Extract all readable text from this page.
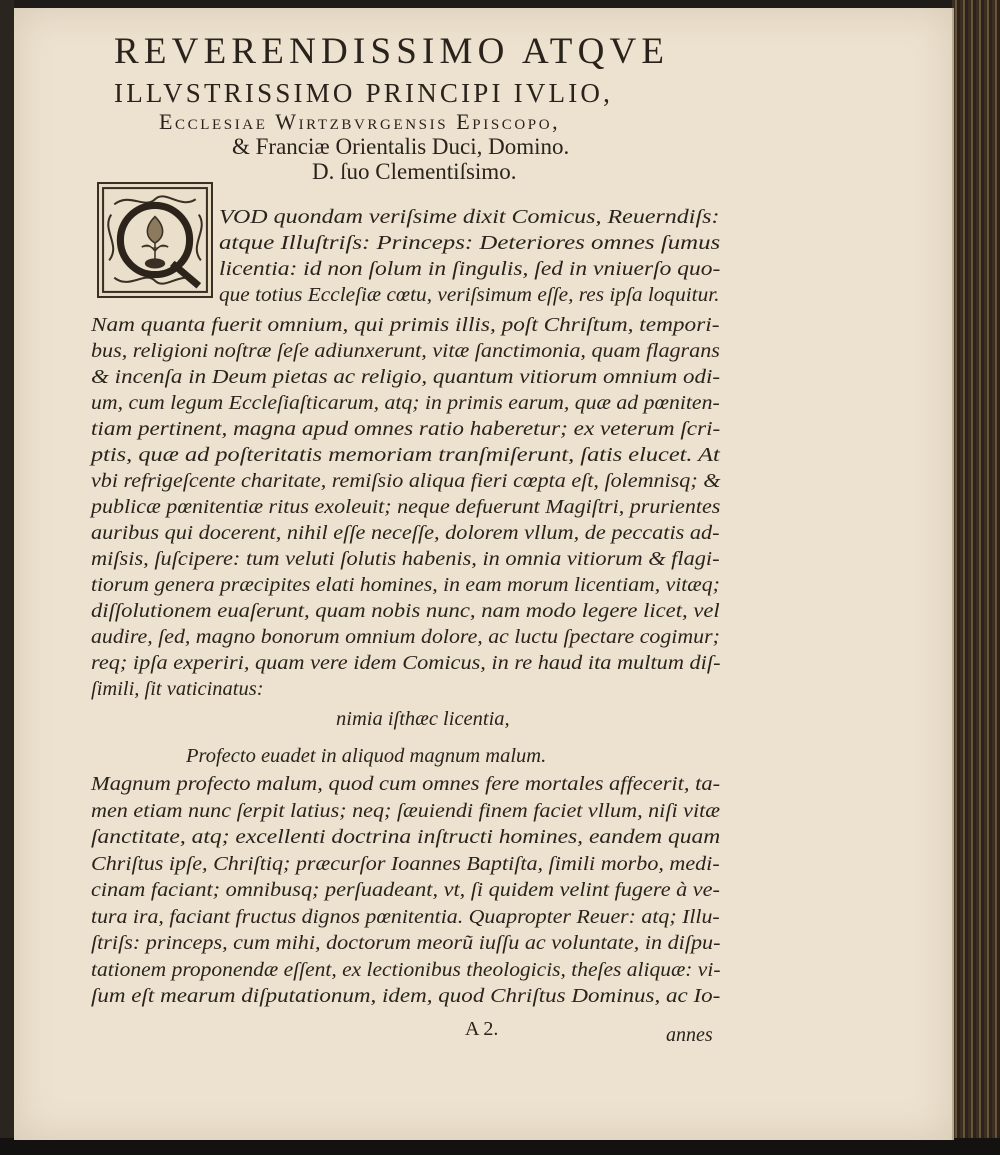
REVERENDISSIMO ATQVE
ILLVSTRISSIMO PRINCIPI IVLIO,
Ecclesiae Wirtzbvrgensis Episcopo,
& Franciæ Orientalis Duci, Domino.
D. ſuo Clementiſsimo.
VOD quondam veriſsime dixit Comicus, Reuerndiſs:
atque Illuſtriſs: Princeps: Deteriores omnes ſumus
licentia: id non ſolum in ſingulis, ſed in vniuerſo quo-
que totius Eccleſiæ cœtu, veriſsimum eſſe, res ipſa loquitur.
Nam quanta fuerit omnium, qui primis illis, poſt Chriſtum, tempori-
bus, religioni noſtræ ſeſe adiunxerunt, vitæ ſanctimonia, quam flagrans
& incenſa in Deum pietas ac religio, quantum vitiorum omnium odi-
um, cum legum Eccleſiaſticarum, atq; in primis earum, quæ ad pœniten-
tiam pertinent, magna apud omnes ratio haberetur; ex veterum ſcri-
ptis, quæ ad poſteritatis memoriam tranſmiſerunt, ſatis elucet. At
vbi refrigeſcente charitate, remiſsio aliqua fieri cœpta eſt, ſolemnisq; &
publicæ pœnitentiæ ritus exoleuit; neque defuerunt Magiſtri, prurientes
auribus qui docerent, nihil eſſe neceſſe, dolorem vllum, de peccatis ad-
miſsis, ſuſcipere: tum veluti ſolutis habenis, in omnia vitiorum & flagi-
tiorum genera præcipites elati homines, in eam morum licentiam, vitæq;
diſſolutionem euaſerunt, quam nobis nunc, nam modo legere licet, vel
audire, ſed, magno bonorum omnium dolore, ac luctu ſpectare cogimur;
req; ipſa experiri, quam vere idem Comicus, in re haud ita multum diſ-
ſimili, ſit vaticinatus:
nimia iſthæc licentia,
Profecto euadet in aliquod magnum malum.
Magnum profecto malum, quod cum omnes fere mortales affecerit, ta-
men etiam nunc ſerpit latius; neq; ſæuiendi finem faciet vllum, niſi vitæ
ſanctitate, atq; excellenti doctrina inſtructi homines, eandem quam
Chriſtus ipſe, Chriſtiq; præcurſor Ioannes Baptiſta, ſimili morbo, medi-
cinam faciant; omnibusq; perſuadeant, vt, ſi quidem velint fugere à ve-
tura ira, faciant fructus dignos pœnitentia. Quapropter Reuer: atq; Illu-
ſtriſs: princeps, cum mihi, doctorum meorũ iuſſu ac voluntate, in diſpu-
tationem proponendæ eſſent, ex lectionibus theologicis, theſes aliquæ: vi-
ſum eſt mearum diſputationum, idem, quod Chriſtus Dominus, ac Io-
A 2.	annes
